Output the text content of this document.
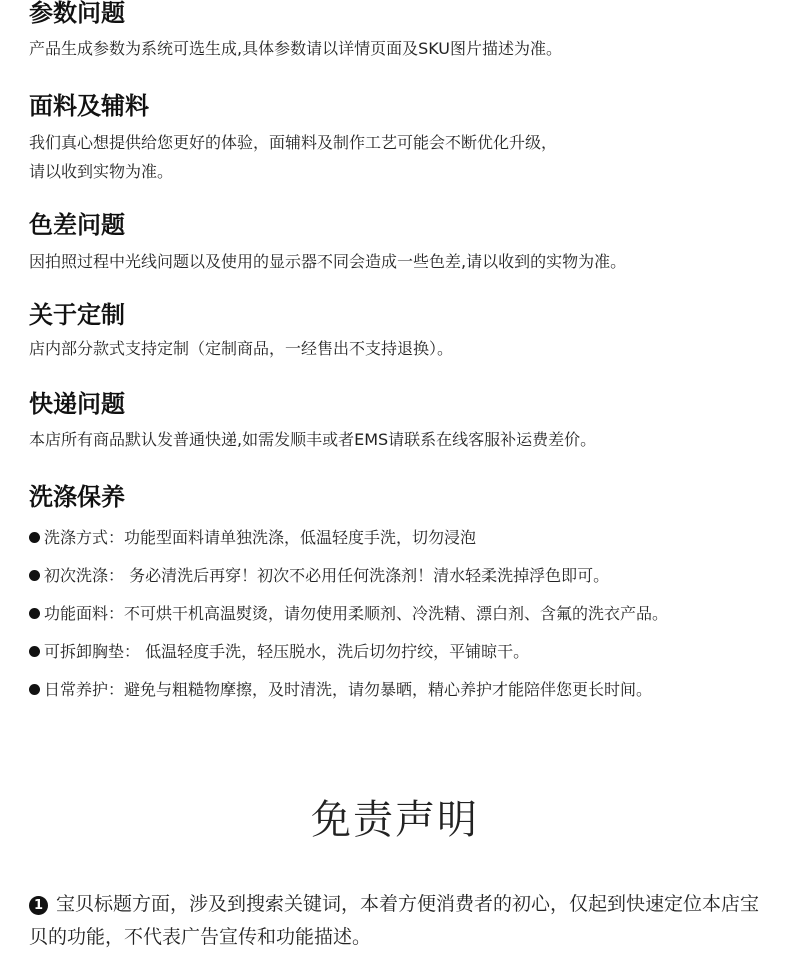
参数问题

产品生成参数为系统可选生成,具体参数请以详情页面及SKU图片描述为准。

面料及辅料

我们真心想提供给您更好的体验，面辅料及制作工艺可能会不断优化升级，

请以收到实物为准。

色差问题

因拍照过程中光线问题以及使用的显示器不同会造成一些色差,请以收到的实物为准。

关于定制

店内部分款式支持定制（定制商品，一经售出不支持退换）。

快递问题

本店所有商品默认发普通快递,如需发顺丰或者EMS请联系在线客服补运费差价。

洗涤保养

洗涤方式：功能型面料请单独洗涤，低温轻度手洗，切勿浸泡

初次洗涤： 务必清洗后再穿！初次不必用任何洗涤剂！清水轻柔洗掉浮色即可。

功能面料：不可烘干机高温熨烫，请勿使用柔顺剂、冷洗精、漂白剂、含氟的洗衣产品。

可拆卸胸垫： 低温轻度手洗，轻压脱水，洗后切勿拧绞，平铺晾干。

日常养护：避免与粗糙物摩擦，及时清洗，请勿暴晒，精心养护才能陪伴您更长时间。

免责声明

1 宝贝标题方面，涉及到搜索关键词，本着方便消费者的初心，仅起到快速定位本店宝贝的功能，不代表广告宣传和功能描述。
